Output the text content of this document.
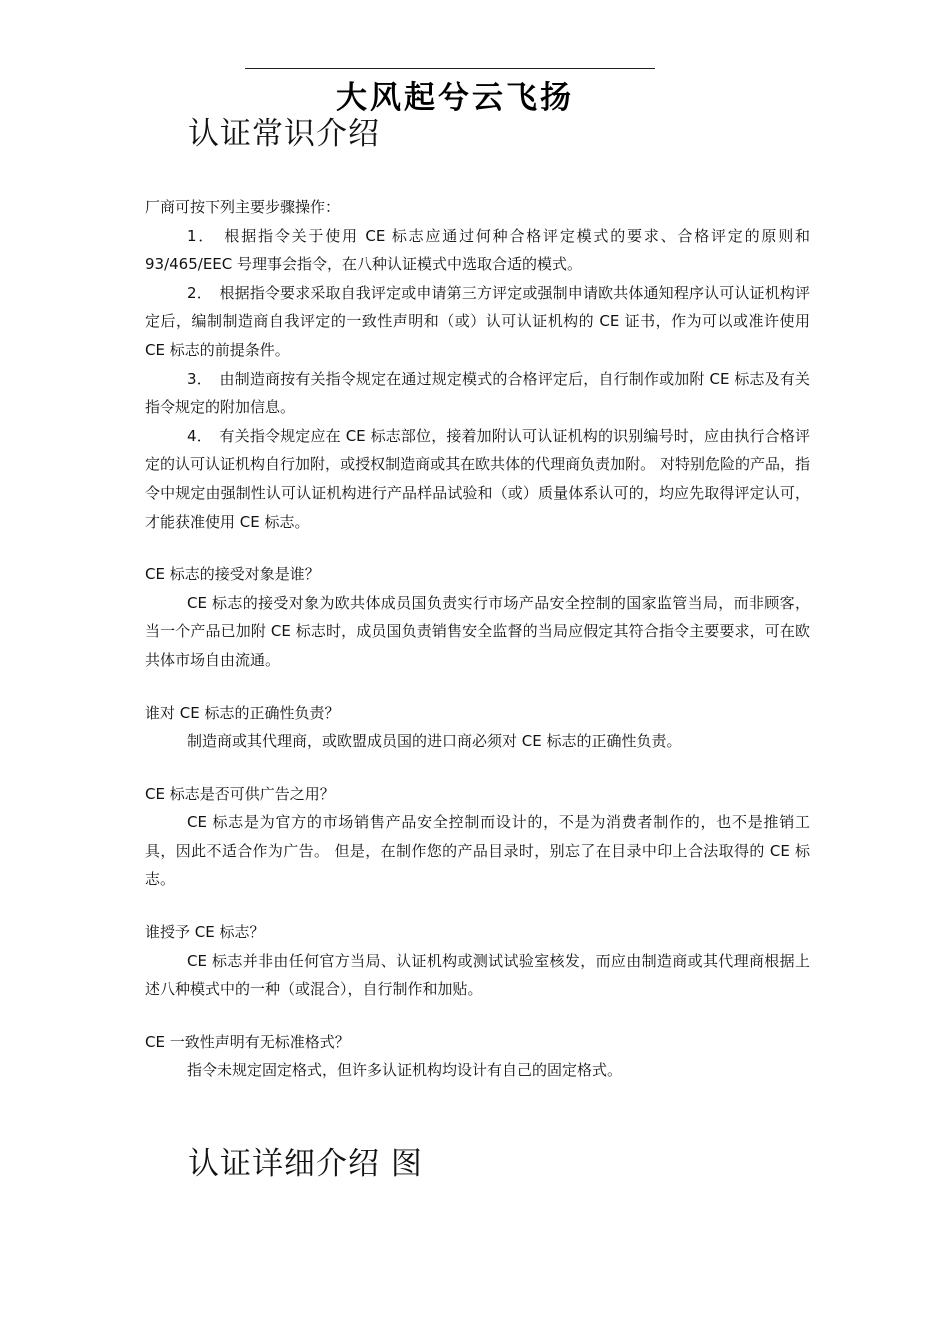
大风起兮云飞扬
认证常识介绍

厂商可按下列主要步骤操作：

1．　根据指令关于使用 CE 标志应通过何种合格评定模式的要求、合格评定的原则和 93/465/EEC 号理事会指令，在八种认证模式中选取合适的模式。

2．　根据指令要求采取自我评定或申请第三方评定或强制申请欧共体通知程序认可认证机构评定后，编制制造商自我评定的一致性声明和（或）认可认证机构的 CE 证书，作为可以或准许使用 CE 标志的前提条件。

3．　由制造商按有关指令规定在通过规定模式的合格评定后，自行制作或加附 CE 标志及有关指令规定的附加信息。

4．　有关指令规定应在 CE 标志部位，接着加附认可认证机构的识别编号时，应由执行合格评定的认可认证机构自行加附，或授权制造商或其在欧共体的代理商负责加附。 对特别危险的产品，指令中规定由强制性认可认证机构进行产品样品试验和（或）质量体系认可的，均应先取得评定认可，才能获准使用 CE 标志。

CE 标志的接受对象是谁？

CE 标志的接受对象为欧共体成员国负责实行市场产品安全控制的国家监管当局，而非顾客，当一个产品已加附 CE 标志时，成员国负责销售安全监督的当局应假定其符合指令主要要求，可在欧共体市场自由流通。

谁对 CE 标志的正确性负责？

制造商或其代理商，或欧盟成员国的进口商必须对 CE 标志的正确性负责。

CE 标志是否可供广告之用？

CE 标志是为官方的市场销售产品安全控制而设计的，不是为消费者制作的，也不是推销工具，因此不适合作为广告。 但是，在制作您的产品目录时，别忘了在目录中印上合法取得的 CE 标志。

谁授予 CE 标志？

CE 标志并非由任何官方当局、认证机构或测试试验室核发，而应由制造商或其代理商根据上述八种模式中的一种（或混合），自行制作和加贴。

CE 一致性声明有无标准格式？

指令未规定固定格式，但许多认证机构均设计有自己的固定格式。

认证详细介绍 图
